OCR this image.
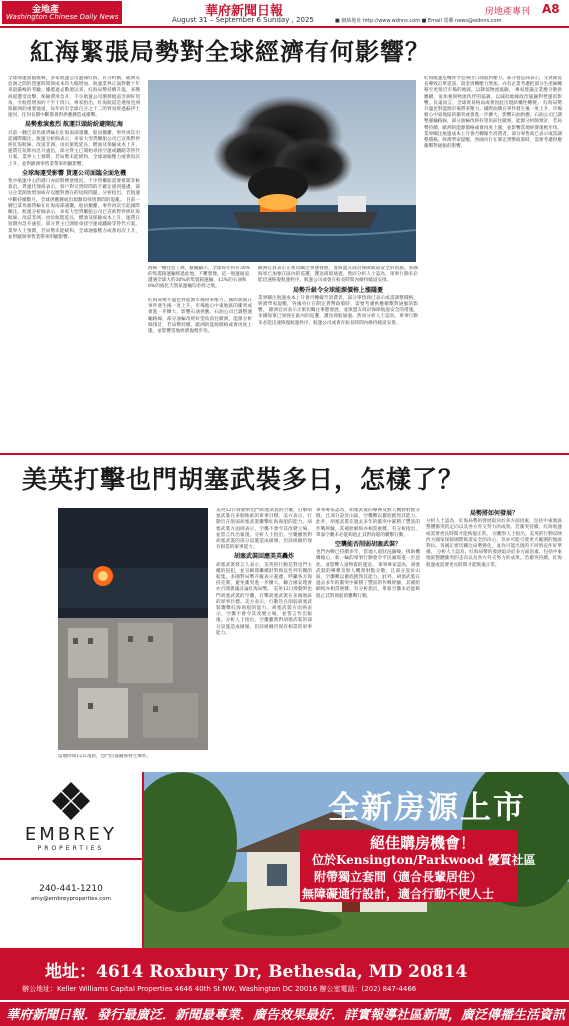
金地產
Washington Chinese Daily News	華府新聞日報
August 31 – September 6 Sunday , 2025	■ 網絡地址 http://www.wdnns.com ■ Email 電郵 news@wdnns.com
房地產專刊 A8
紅海緊張局勢對全球經濟有何影響？
全球海運面臨挑戰，多家航運公司避開紅海，有分析稱，歐洲及亞洲之間的貨運時間與成本均大幅增加，航運業界正面對數十年來最嚴峻的考驗。據悉過去數週以來，紅海局勢持續升溫，多艘商船遭受攻擊，保險費用急升，不少航運公司選擇繞道非洲好望角，令航程增加約十至十四日。專家指出，紅海航道是連接亞洲與歐洲的重要通道，每年約有全球百分之十二的貿易經過蘇伊士運河，任何長期中斷都會對供應鏈造成衝擊。
局勢愈演愈烈 航運巨頭紛紛避開紅海
目前一艘巴拿馬旗貨輪在紅海南部遇襲，船員撤離，事件再次引起國際關注。航運分析師表示，多家大型貨櫃船公司已宣佈暫停經紅海航線，改道非洲。由於航程延長，燃油及保險成本上升，運費在短期內急升逾倍，部分貨主已開始尋找空運或鐵路等替代方案。業界人士預期，若局勢未能緩和，全球通脹壓力或會再次上升，並對歐洲零售業帶來明顯影響。
全球海運受影響 貨運公司面臨全面危機
集中航運中心的港口亦面對擠塞情況，不少貨櫃船需要排隊等候靠泊。貨運代理商表示，客戶對交貨時間的不確定感到憂慮，部分企業開始增加庫存以應對潛在的短缺問題。分析指出，若航運中斷持續數月，全球供應鏈或出現類似疫情期間的混亂。 目前一艘巴拿馬旗貨輪在紅海南部遇襲，船員撤離，事件再次引起國際關注。航運分析師表示，多家大型貨櫃船公司已宣佈暫停經紅海航線，改道非洲。由於航程延長，燃油及保險成本上升，運費在短期內急升逾倍，部分貨主已開始尋找空運或鐵路等替代方案。業界人士預期，若局勢未能緩和，全球通脹壓力或會再次上升，並對歐洲零售業帶來明顯影響。
海峽一艘往亞丁灣，數據顯示，全球每年約有30%的集裝箱運輸經過此地，不難想像，這一航運通道遭遇全球大約30%的集裝箱運輸，12%的石油和8%的液化天然氣運輸均必經之地。
紅海局勢升溫也對能源市場帶來壓力。國際油價在事件發生後一度上升，市場擔心中東地區的衝突或會進一步擴大，影響石油供應。石油公司已調整運輸路線，部分油輪改經好望角前往歐洲。能源分析師預計，若局勢持續，歐洲的能源價格或會再度上漲，並影響當地經濟復甦步伐。
歐洲官員表示正密切關注事態發展，並與盟友商討保障航道安全的措施。多國海軍已加強在區內的巡邏，護送商船通過。然而分析人士認為，軍事行動未必能迅速恢復航運秩序，航運公司或會在較長時間內維持繞道安排。
局勢升級令全球能源價格上漲隱憂
業界關注航運成本上升會否轉嫁至消費者，部分零售商已表示或需調整價格。經濟學家提醒，各國央行在制定貨幣政策時，需要考慮供應衝擊對通脹的影響。 歐洲官員表示正密切關注事態發展，並與盟友商討保障航道安全的措施。多國海軍已加強在區內的巡邏，護送商船通過。然而分析人士認為，軍事行動未必能迅速恢復航運秩序，航運公司或會在較長時間內維持繞道安排。
紅海航運危機亦令亞洲出口商面對壓力。部分製造商表示，交貨期延長導致訂單延誤，資金周轉壓力增加。亦有企業考慮把部分生產線轉移至更接近市場的地區，以降低物流風險。 專家建議企業應分散供應鏈，並加強與物流伙伴的協調，以減低地緣政治風險對營運的影響。長遠而言，全球貿易格局或會因此出現結構性轉變。 紅海局勢升溫也對能源市場帶來壓力。國際油價在事件發生後一度上升，市場擔心中東地區的衝突或會進一步擴大，影響石油供應。石油公司已調整運輸路線，部分油輪改經好望角前往歐洲。能源分析師預計，若局勢持續，歐洲的能源價格或會再度上漲，並影響當地經濟復甦步伐。 業界關注航運成本上升會否轉嫁至消費者，部分零售商已表示或需調整價格。經濟學家提醒，各國央行在制定貨幣政策時，需要考慮供應衝擊對通脹的影響。
美英打擊也門胡塞武裝多日，怎樣了？
當地時間12日凌晨，也門首都薩那發生爆炸。
美英12日發動對也門胡塞武裝的空襲，打擊胡塞武裝在多個地區的軍事目標。美方表示，行動旨在削弱胡塞武裝襲擊紅海商船的能力。胡塞武裝方面則表示，空襲不會令其改變立場，並誓言作出報復。分析人士指出，空襲雖然對胡塞武裝的部分設施造成破壞，但該組織仍保有相當的軍事能力。
胡塞武裝回應美英轟炸
胡塞武裝發言人表示，美英的行動是對也門主權的侵犯，並宣稱將繼續針對與以色列有關的船隻。多國對局勢升級表示憂慮，呼籲各方保持克制，避免衝突進一步擴大。聯合國安理會亦召開會議討論紅海局勢。 美英12日發動對也門胡塞武裝的空襲，打擊胡塞武裝在多個地區的軍事目標。美方表示，行動旨在削弱胡塞武裝襲擊紅海商船的能力。胡塞武裝方面則表示，空襲不會令其改變立場，並誓言作出報復。分析人士指出，空襲雖然對胡塞武裝的部分設施造成破壞，但該組織仍保有相當的軍事能力。
軍事專家認為，胡塞武裝的導彈及無人機發射點分散，且部分設於山區，空襲難以徹底摧毀其能力。此外，胡塞武裝在過去多年的衝突中累積了豐富的作戰經驗，其補給網絡亦相當複雜。有分析指出，單靠空襲未必能夠阻止其對商船的襲擊行動。
空襲能否削弱胡塞武裝？
也門內戰已持續多年，當地人道狀況嚴峻。援助機構擔心，新一輪的軍事行動會令平民處境進一步惡化，並影響人道物資的運送。 軍事專家認為，胡塞武裝的導彈及無人機發射點分散，且部分設於山區，空襲難以徹底摧毀其能力。此外，胡塞武裝在過去多年的衝突中累積了豐富的作戰經驗，其補給網絡亦相當複雜。有分析指出，單靠空襲未必能夠阻止其對商船的襲擊行動。
局勢將如何發展？
分析人士認為，紅海局勢的發展取決於多方面因素，包括中東地區整體衝突的走向以及各方外交努力的成果。若衝突持續，紅海航運或需要更長時間才能恢復正常。 有觀察人士指出，美英的行動反映西方國家保障國際航道安全的決心，但亦可能引發更大範圍的地區對抗。各國正密切關注局勢變化，並為可能出現的不同情況作好準備。 分析人士認為，紅海局勢的發展取決於多方面因素，包括中東地區整體衝突的走向以及各方外交努力的成果。若衝突持續，紅海航運或需要更長時間才能恢復正常。
全新房源上市
絕佳購房機會！
位於Kensington/Parkwood 優質社區
附帶獨立套間（適合長輩居住）
無障礙通行設計，適合行動不便人士
EMBREY
PROPERTIES
240-441-1210
amy@embreyproperties.com
地址：4614 Roxbury Dr, Bethesda, MD 20814
辦公地址：Keller Williams Capital Properties 4646 40th St NW, Washington DC 20016 辦公室電話：(202) 847-4466
華府新聞日報．發行最廣泛．新聞最專業．廣告效果最好．詳實報導社區新聞，廣泛傳播生活資訊
